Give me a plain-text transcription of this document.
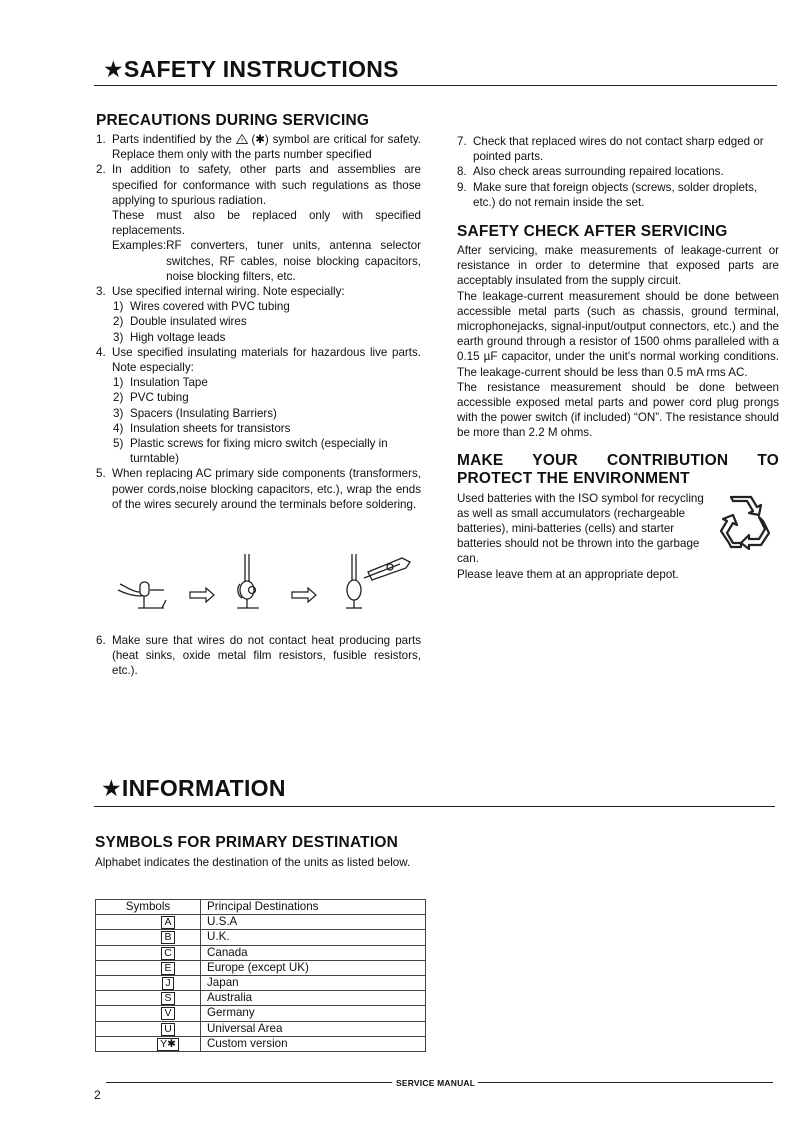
★SAFETY INSTRUCTIONS
PRECAUTIONS DURING SERVICING
1. Parts indentified by the ! (✱) symbol are critical for safety. Replace them only with the parts number specified
2. In addition to safety, other parts and assemblies are specified for conformance with such regulations as those applying to spurious radiation.
These must also be replaced only with specified replacements.
Examples: RF converters, tuner units, antenna selector switches, RF cables, noise blocking capacitors, noise blocking filters, etc.
3. Use specified internal wiring. Note especially:
1) Wires covered with PVC tubing
2) Double insulated wires
3) High voltage leads
4. Use specified insulating materials for hazardous live parts. Note especially:
1) Insulation Tape
2) PVC tubing
3) Spacers (Insulating Barriers)
4) Insulation sheets for transistors
5) Plastic screws for fixing micro switch (especially in turntable)
5. When replacing AC primary side components (transformers, power cords,noise blocking capacitors, etc.), wrap the ends of the wires securely around the terminals before soldering.
6. Make sure that wires do not contact heat producing parts (heat sinks, oxide metal film resistors, fusible resistors, etc.).
7. Check that replaced wires do not contact sharp edged or pointed parts.
8. Also check areas surrounding repaired locations.
9. Make sure that foreign objects (screws, solder droplets, etc.) do not remain inside the set.
SAFETY CHECK AFTER SERVICING

After servicing, make measurements of leakage-current or resistance in order to determine that exposed parts are acceptably insulated from the supply circuit.

The leakage-current measurement should be done between accessible metal parts (such as chassis, ground terminal, microphonejacks, signal-input/output connectors, etc.) and the earth ground through a resistor of 1500 ohms paralleled with a 0.15 µF capacitor, under the unit's normal working conditions. The leakage-current should be less than 0.5 mA rms AC.

The resistance measurement should be done between accessible exposed metal parts and power cord plug prongs with the power switch (if included) “ON”. The resistance should be more than 2.2 M ohms.

MAKE YOUR CONTRIBUTION TO PROTECT THE ENVIRONMENT

Used batteries with the ISO symbol for recycling as well as small accumulators (rechargeable batteries), mini-batteries (cells) and starter batteries should not be thrown into the garbage can.

Please leave them at an appropriate depot.

★INFORMATION
SYMBOLS FOR PRIMARY DESTINATION

Alphabet indicates the destination of the units as listed below.

Symbols	Principal Destinations
A	U.S.A
B	U.K.
C	Canada
E	Europe (except UK)
J	Japan
S	Australia
V	Germany
U	Universal Area
Y✱	Custom version
SERVICE MANUAL
2
